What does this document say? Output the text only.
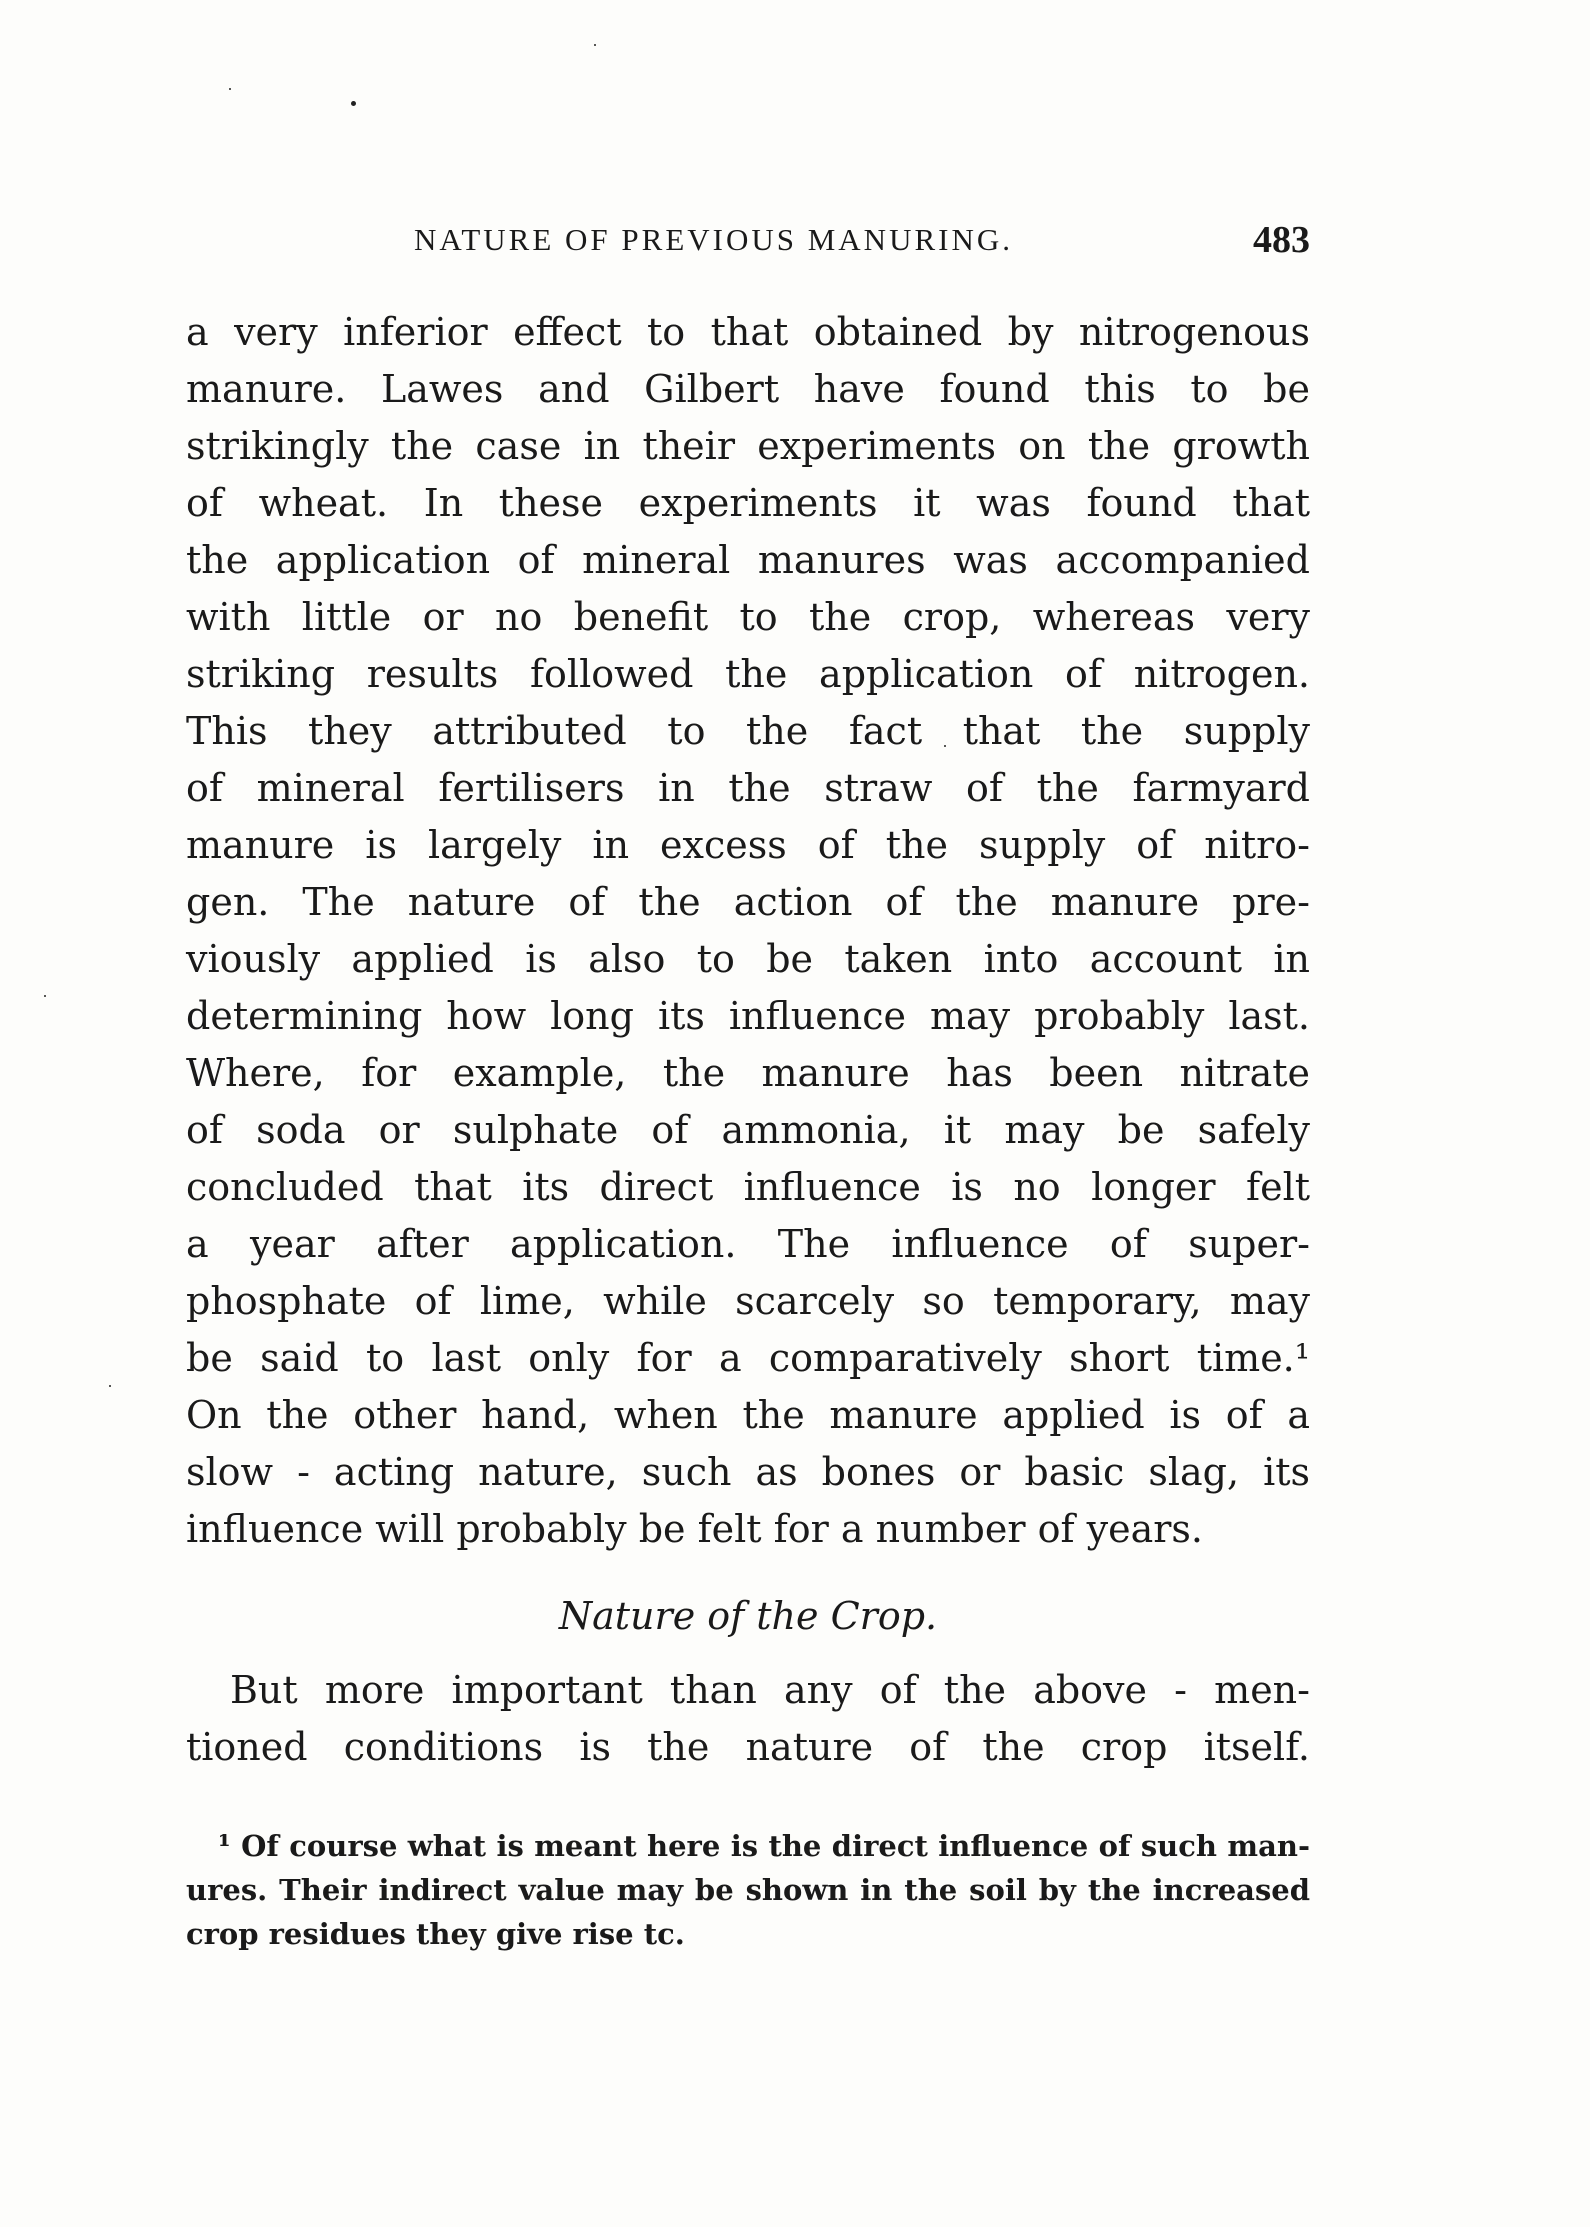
NATURE OF PREVIOUS MANURING.	483
a very inferior effect to that obtained by nitrogenous
manure. Lawes and Gilbert have found this to be
strikingly the case in their experiments on the growth
of wheat. In these experiments it was found that
the application of mineral manures was accompanied
with little or no benefit to the crop, whereas very
striking results followed the application of nitrogen.
This they attributed to the fact that the supply
of mineral fertilisers in the straw of the farmyard
manure is largely in excess of the supply of nitro-
gen. The nature of the action of the manure pre-
viously applied is also to be taken into account in
determining how long its influence may probably last.
Where, for example, the manure has been nitrate
of soda or sulphate of ammonia, it may be safely
concluded that its direct influence is no longer felt
a year after application. The influence of super-
phosphate of lime, while scarcely so temporary, may
be said to last only for a comparatively short time.¹
On the other hand, when the manure applied is of a
slow - acting nature, such as bones or basic slag, its
influence will probably be felt for a number of years.
Nature of the Crop.
But more important than any of the above - men-
tioned conditions is the nature of the crop itself.
¹ Of course what is meant here is the direct influence of such man-
ures. Their indirect value may be shown in the soil by the increased
crop residues they give rise tc.
